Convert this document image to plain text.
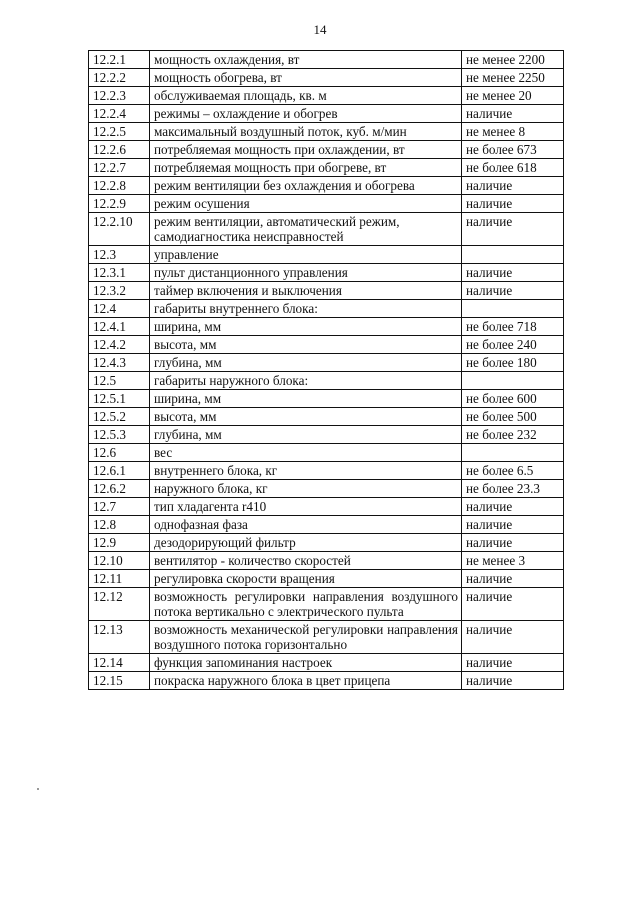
14
12.2.1	мощность охлаждения, вт	не менее 2200
12.2.2	мощность обогрева, вт	не менее 2250
12.2.3	обслуживаемая площадь, кв. м	не менее 20
12.2.4	режимы – охлаждение и обогрев	наличие
12.2.5	максимальный воздушный поток, куб. м/мин	не менее 8
12.2.6	потребляемая мощность при охлаждении, вт	не более 673
12.2.7	потребляемая мощность при обогреве, вт	не более 618
12.2.8	режим вентиляции без охлаждения и обогрева	наличие
12.2.9	режим осушения	наличие
12.2.10	режим вентиляции, автоматический режим, самодиагностика неисправностей	наличие
12.3	управление	
12.3.1	пульт дистанционного управления	наличие
12.3.2	таймер включения и выключения	наличие
12.4	габариты внутреннего блока:	
12.4.1	ширина, мм	не более 718
12.4.2	высота, мм	не более 240
12.4.3	глубина, мм	не более 180
12.5	габариты наружного блока:	
12.5.1	ширина, мм	не более 600
12.5.2	высота, мм	не более 500
12.5.3	глубина, мм	не более 232
12.6	вес	
12.6.1	внутреннего блока, кг	не более 6.5
12.6.2	наружного блока, кг	не более 23.3
12.7	тип хладагента r410	наличие
12.8	однофазная фаза	наличие
12.9	дезодорирующий фильтр	наличие
12.10	вентилятор - количество скоростей	не менее 3
12.11	регулировка скорости вращения	наличие
12.12	возможность регулировки направления воздушного потока вертикально с электрического пульта	наличие
12.13	возможность механической регулировки направления воздушного потока горизонтально	наличие
12.14	функция запоминания настроек	наличие
12.15	покраска наружного блока в цвет прицепа	наличие
